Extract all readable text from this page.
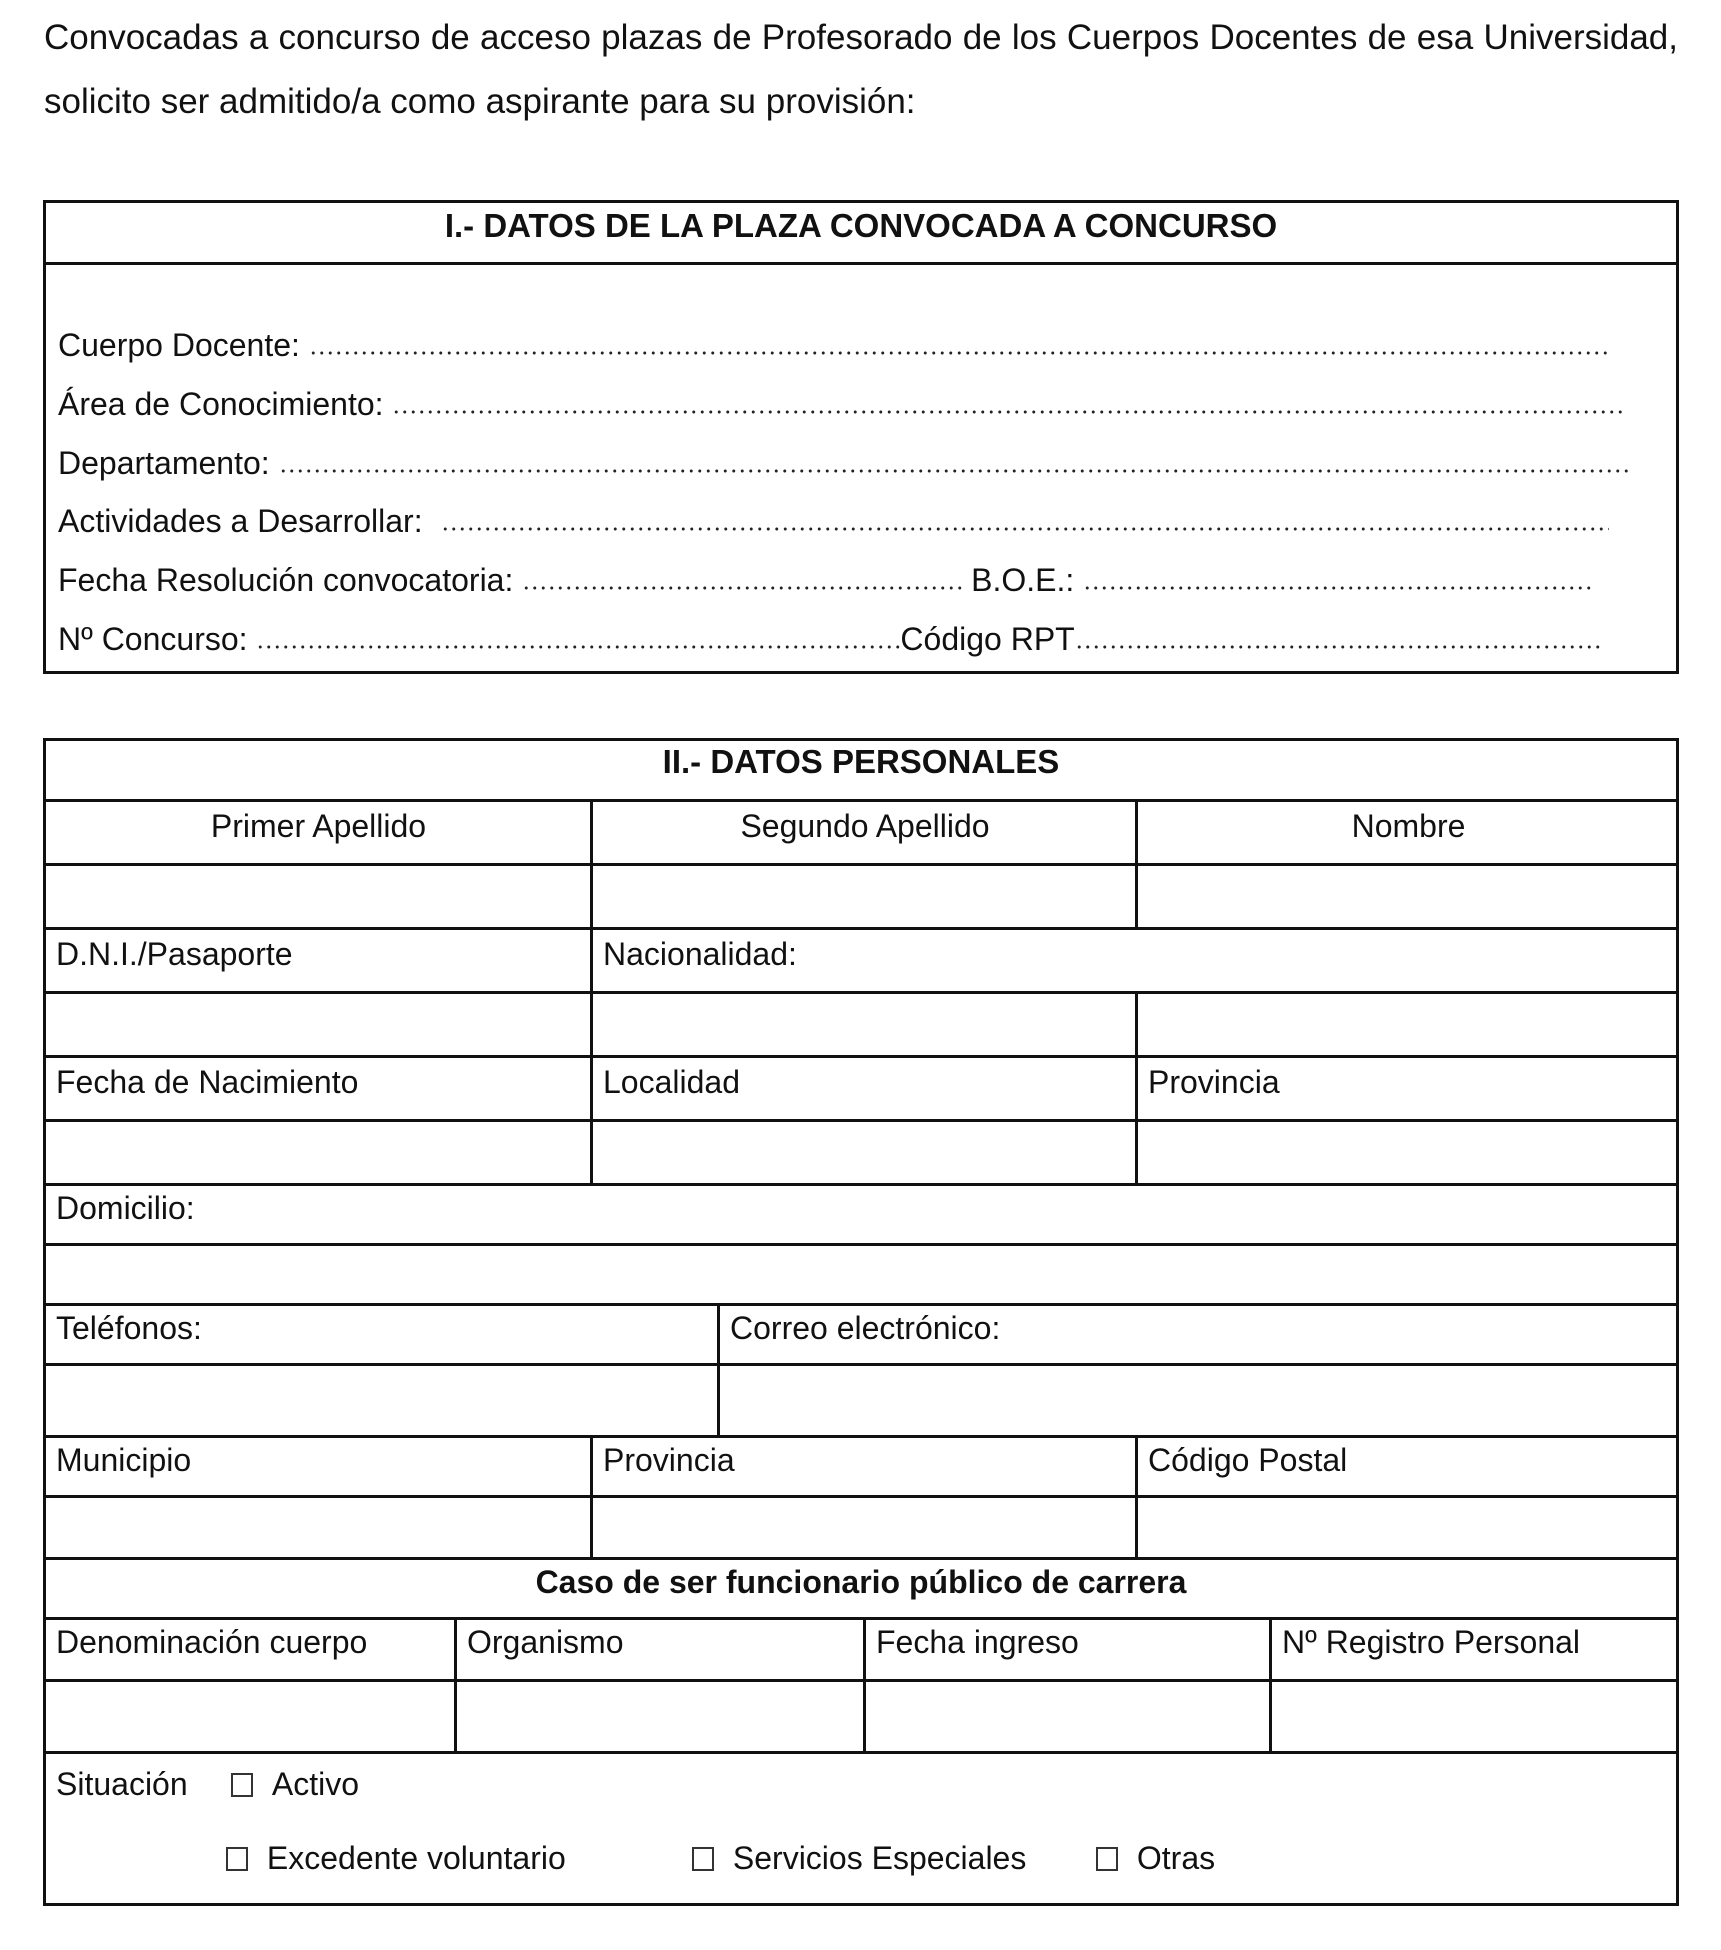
Convocadas a concurso de acceso plazas de Profesorado de los Cuerpos Docentes de esa Universidad, solicito ser admitido/a como aspirante para su provisión:
I.- DATOS DE LA PLAZA CONVOCADA A CONCURSO
Cuerpo Docente:
Área de Conocimiento:
Departamento:
Actividades a Desarrollar:
Fecha Resolución convocatoria:	B.O.E.:
Nº Concurso:	Código RPT
II.- DATOS PERSONALES
Primer Apellido	Segundo Apellido	Nombre
D.N.I./Pasaporte	Nacionalidad:
Fecha de Nacimiento	Localidad	Provincia
Domicilio:
Teléfonos:	Correo electrónico:
Municipio	Provincia	Código Postal
Caso de ser funcionario público de carrera
Denominación cuerpo	Organismo	Fecha ingreso	Nº Registro Personal
Situación	Activo
Excedente voluntario	Servicios Especiales	Otras
